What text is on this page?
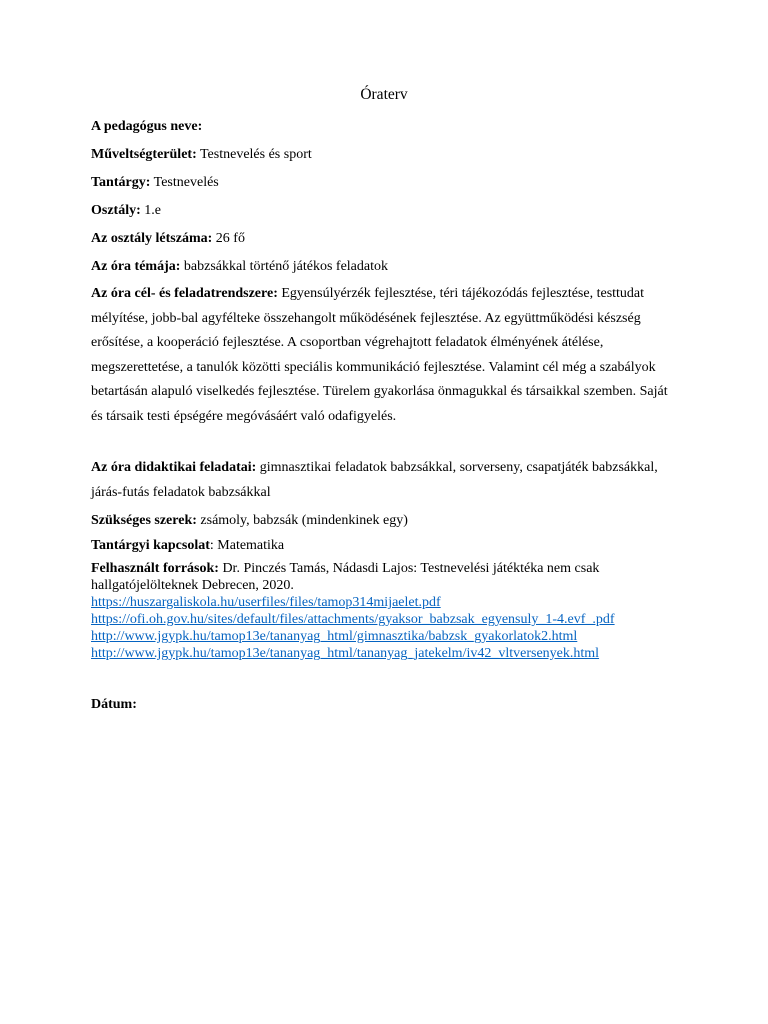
Óraterv
A pedagógus neve:
Műveltségterület: Testnevelés és sport
Tantárgy: Testnevelés
Osztály: 1.e
Az osztály létszáma: 26 fő
Az óra témája: babzsákkal történő játékos feladatok
Az óra cél- és feladatrendszere: Egyensúlyérzék fejlesztése, téri tájékozódás fejlesztése, testtudat mélyítése, jobb-bal agyfélteke összehangolt működésének fejlesztése. Az együttműködési készség erősítése, a kooperáció fejlesztése. A csoportban végrehajtott feladatok élményének átélése, megszerettetése, a tanulók közötti speciális kommunikáció fejlesztése. Valamint cél még a szabályok betartásán alapuló viselkedés fejlesztése. Türelem gyakorlása önmagukkal és társaikkal szemben. Saját és társaik testi épségére megóvásáért való odafigyelés.
Az óra didaktikai feladatai: gimnasztikai feladatok babzsákkal, sorverseny, csapatjáték babzsákkal, járás-futás feladatok babzsákkal
Szükséges szerek: zsámoly, babzsák (mindenkinek egy)
Tantárgyi kapcsolat: Matematika
Felhasznált források: Dr. Pinczés Tamás, Nádasdi Lajos: Testnevelési játéktéka nem csak hallgatójelölteknek Debrecen, 2020.
https://huszargaliskola.hu/userfiles/files/tamop314mijaelet.pdf
https://ofi.oh.gov.hu/sites/default/files/attachments/gyaksor_babzsak_egyensuly_1-4.evf_.pdf
http://www.jgypk.hu/tamop13e/tananyag_html/gimnasztika/babzsk_gyakorlatok2.html
http://www.jgypk.hu/tamop13e/tananyag_html/tananyag_jatekelm/iv42_vltversenyek.html
Dátum:
